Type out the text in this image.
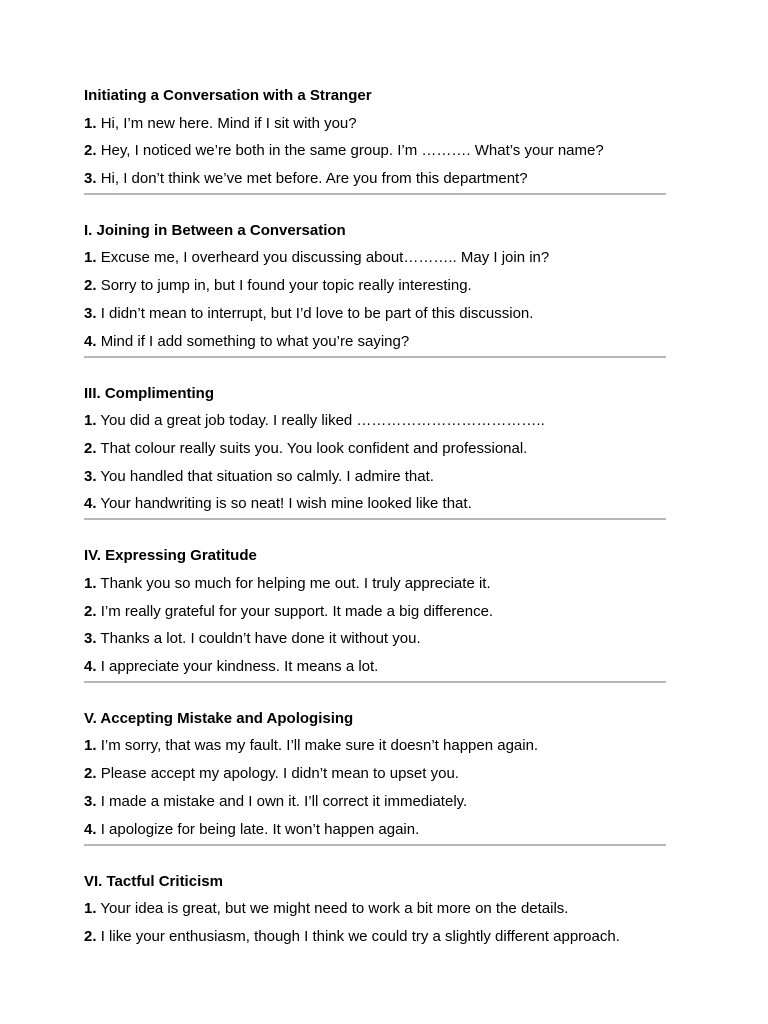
Initiating a Conversation with a Stranger
1. Hi, I’m new here. Mind if I sit with you?
2. Hey, I noticed we’re both in the same group. I’m ………. What’s your name?
3. Hi, I don’t think we’ve met before. Are you from this department?
I. Joining in Between a Conversation
1. Excuse me, I overheard you discussing about……….. May I join in?
2. Sorry to jump in, but I found your topic really interesting.
3. I didn’t mean to interrupt, but I’d love to be part of this discussion.
4. Mind if I add something to what you’re saying?
III. Complimenting
1. You did a great job today. I really liked ………………………………..
2. That colour really suits you. You look confident and professional.
3. You handled that situation so calmly. I admire that.
4. Your handwriting is so neat! I wish mine looked like that.
IV. Expressing Gratitude
1. Thank you so much for helping me out. I truly appreciate it.
2. I’m really grateful for your support. It made a big difference.
3. Thanks a lot. I couldn’t have done it without you.
4. I appreciate your kindness. It means a lot.
V. Accepting Mistake and Apologising
1. I’m sorry, that was my fault. I’ll make sure it doesn’t happen again.
2. Please accept my apology. I didn’t mean to upset you.
3. I made a mistake and I own it. I’ll correct it immediately.
4. I apologize for being late. It won’t happen again.
VI. Tactful Criticism
1. Your idea is great, but we might need to work a bit more on the details.
2. I like your enthusiasm, though I think we could try a slightly different approach.
